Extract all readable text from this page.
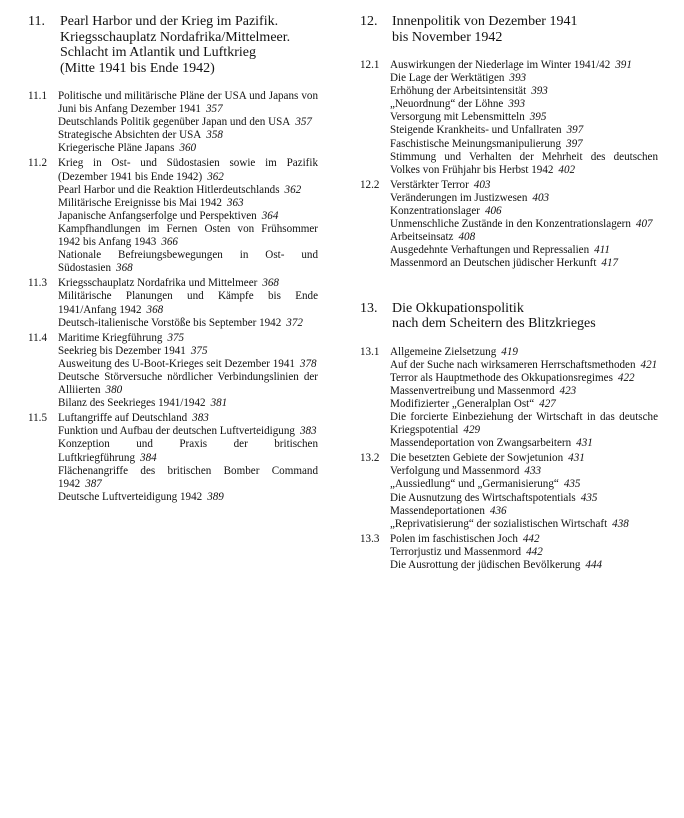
11.	Pearl Harbor und der Krieg im Pazifik.
Kriegsschauplatz Nordafrika/Mittelmeer.
Schlacht im Atlantik und Luftkrieg
(Mitte 1941 bis Ende 1942)
11.1 Politische und militärische Pläne der USA und Japans von Juni bis Anfang Dezember 1941 357
Deutschlands Politik gegenüber Japan und den USA 357
Strategische Absichten der USA 358
Kriegerische Pläne Japans 360
11.2 Krieg in Ost- und Südostasien sowie im Pazifik (Dezember 1941 bis Ende 1942) 362
Pearl Harbor und die Reaktion Hitlerdeutschlands 362
Militärische Ereignisse bis Mai 1942 363
Japanische Anfangserfolge und Perspektiven 364
Kampfhandlungen im Fernen Osten von Frühsommer 1942 bis Anfang 1943 366
Nationale Befreiungsbewegungen in Ost- und Südostasien 368
11.3 Kriegsschauplatz Nordafrika und Mittelmeer 368
Militärische Planungen und Kämpfe bis Ende 1941/Anfang 1942 368
Deutsch-italienische Vorstöße bis September 1942 372
11.4 Maritime Kriegführung 375
Seekrieg bis Dezember 1941 375
Ausweitung des U-Boot-Krieges seit Dezember 1941 378
Deutsche Störversuche nördlicher Verbindungslinien der Alliierten 380
Bilanz des Seekrieges 1941/1942 381
11.5 Luftangriffe auf Deutschland 383
Funktion und Aufbau der deutschen Luftverteidigung 383
Konzeption und Praxis der britischen Luftkriegführung 384
Flächenangriffe des britischen Bomber Command 1942 387
Deutsche Luftverteidigung 1942 389
12.	Innenpolitik von Dezember 1941
bis November 1942
12.1 Auswirkungen der Niederlage im Winter 1941/42 391
Die Lage der Werktätigen 393
Erhöhung der Arbeitsintensität 393
„Neuordnung“ der Löhne 393
Versorgung mit Lebensmitteln 395
Steigende Krankheits- und Unfallraten 397
Faschistische Meinungsmanipulierung 397
Stimmung und Verhalten der Mehrheit des deutschen Volkes von Frühjahr bis Herbst 1942 402
12.2 Verstärkter Terror 403
Veränderungen im Justizwesen 403
Konzentrationslager 406
Unmenschliche Zustände in den Konzentrationslagern 407
Arbeitseinsatz 408
Ausgedehnte Verhaftungen und Repressalien 411
Massenmord an Deutschen jüdischer Herkunft 417
13.	Die Okkupationspolitik
nach dem Scheitern des Blitzkrieges
13.1 Allgemeine Zielsetzung 419
Auf der Suche nach wirksameren Herrschaftsmethoden 421
Terror als Hauptmethode des Okkupationsregimes 422
Massenvertreibung und Massenmord 423
Modifizierter „Generalplan Ost“ 427
Die forcierte Einbeziehung der Wirtschaft in das deutsche Kriegspotential 429
Massendeportation von Zwangsarbeitern 431
13.2 Die besetzten Gebiete der Sowjetunion 431
Verfolgung und Massenmord 433
„Aussiedlung“ und „Germanisierung“ 435
Die Ausnutzung des Wirtschaftspotentials 435
Massendeportationen 436
„Reprivatisierung“ der sozialistischen Wirtschaft 438
13.3 Polen im faschistischen Joch 442
Terrorjustiz und Massenmord 442
Die Ausrottung der jüdischen Bevölkerung 444
